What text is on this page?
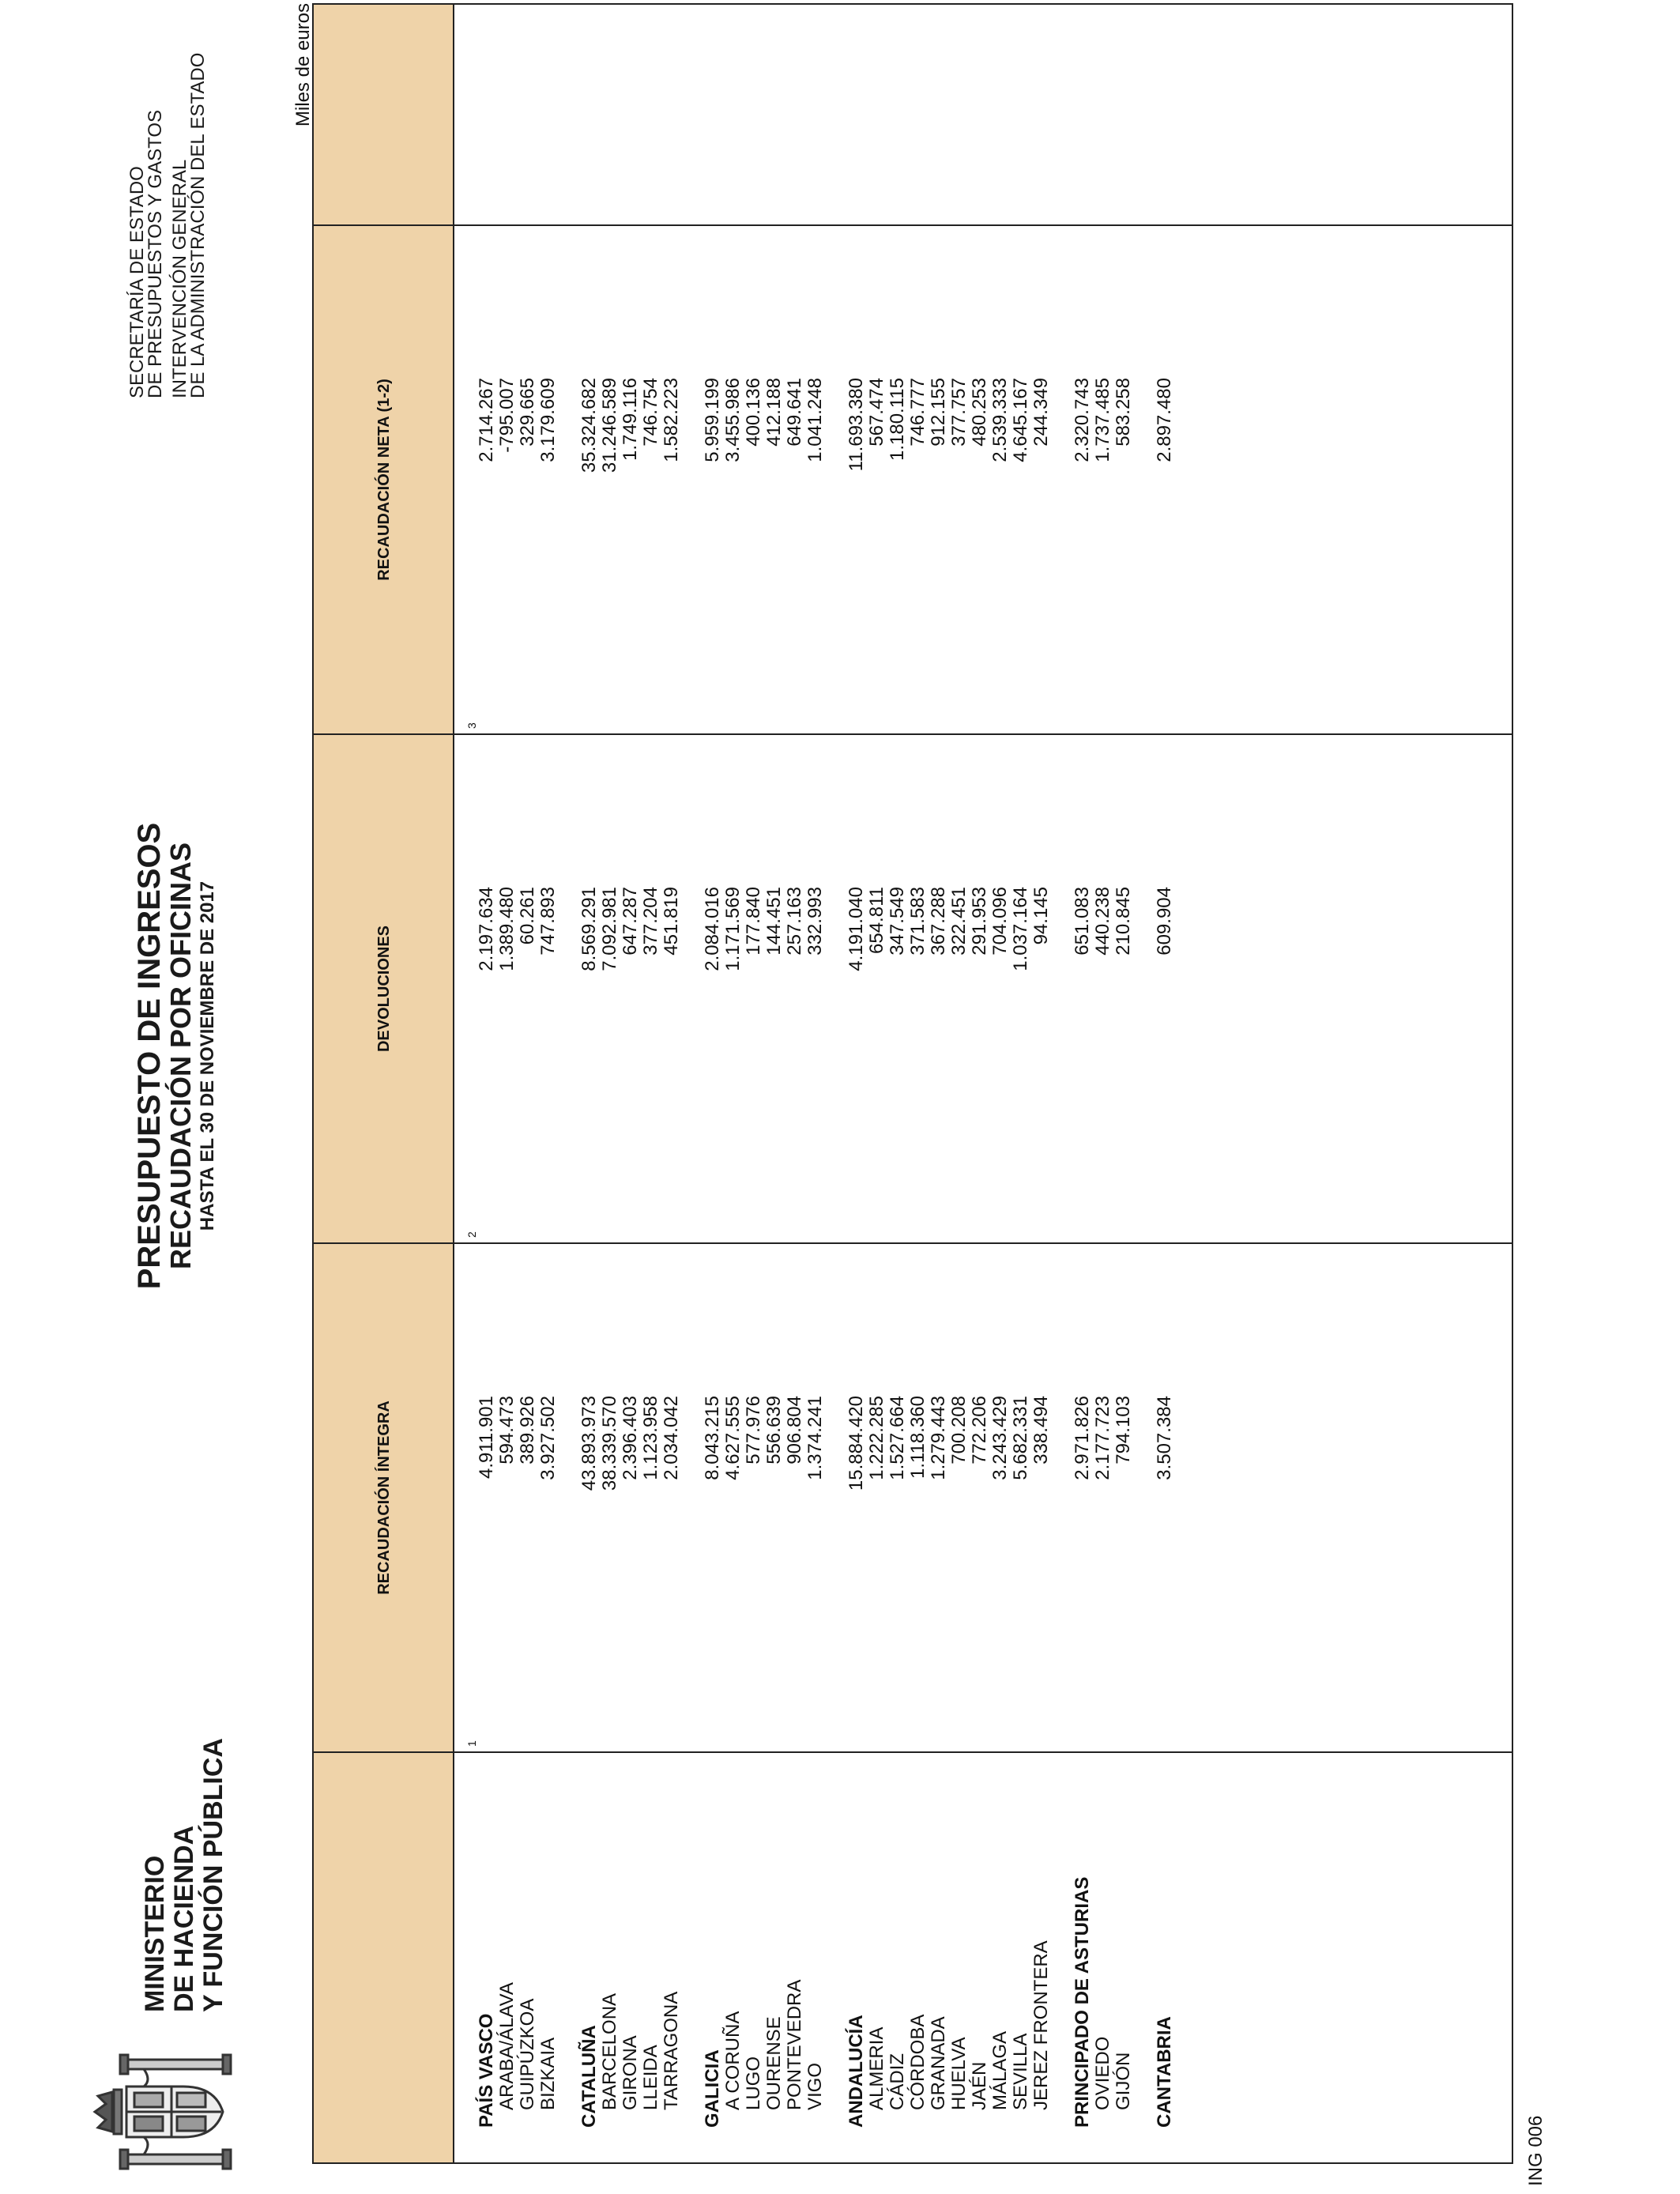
MINISTERIO DE HACIENDA Y FUNCIÓN PÚBLICA
PRESUPUESTO DE INGRESOS
RECAUDACIÓN POR OFICINAS HASTA EL 30 DE NOVIEMBRE DE 2017
SECRETARÍA DE ESTADO
DE PRESUPUESTOS Y GASTOS INTERVENCIÓN GENERAL
DE LA ADMINISTRACIÓN DEL ESTADO	Miles de euros
RECAUDACIÓN ÍNTEGRA
DEVOLUCIONES
RECAUDACIÓN NETA (1-2)
1
2
3
PAÍS VASCO
4.911.901
2.197.634
2.714.267
ARABA/ÁLAVA
594.473
1.389.480
-795.007
GUIPÚZKOA
389.926
60.261
329.665
BIZKAIA
3.927.502
747.893
3.179.609
CATALUÑA
43.893.973
8.569.291
35.324.682
BARCELONA
38.339.570
7.092.981
31.246.589
GIRONA
2.396.403
647.287
1.749.116
LLEIDA
1.123.958
377.204
746.754
TARRAGONA
2.034.042
451.819
1.582.223
GALICIA
8.043.215
2.084.016
5.959.199
A CORUÑA
4.627.555
1.171.569
3.455.986
LUGO
577.976
177.840
400.136
OURENSE
556.639
144.451
412.188
PONTEVEDRA
906.804
257.163
649.641
VIGO
1.374.241
332.993
1.041.248
ANDALUCÍA
15.884.420
4.191.040
11.693.380
ALMERIA
1.222.285
654.811
567.474
CÁDIZ
1.527.664
347.549
1.180.115
CÓRDOBA
1.118.360
371.583
746.777
GRANADA
1.279.443
367.288
912.155
HUELVA
700.208
322.451
377.757
JAÉN
772.206
291.953
480.253
MÁLAGA
3.243.429
704.096
2.539.333
SEVILLA
5.682.331
1.037.164
4.645.167
JEREZ FRONTERA
338.494
94.145
244.349
PRINCIPADO DE ASTURIAS
2.971.826
651.083
2.320.743
OVIEDO
2.177.723
440.238
1.737.485
GIJÓN
794.103
210.845
583.258
CANTABRIA
3.507.384
609.904
2.897.480
ING 006
